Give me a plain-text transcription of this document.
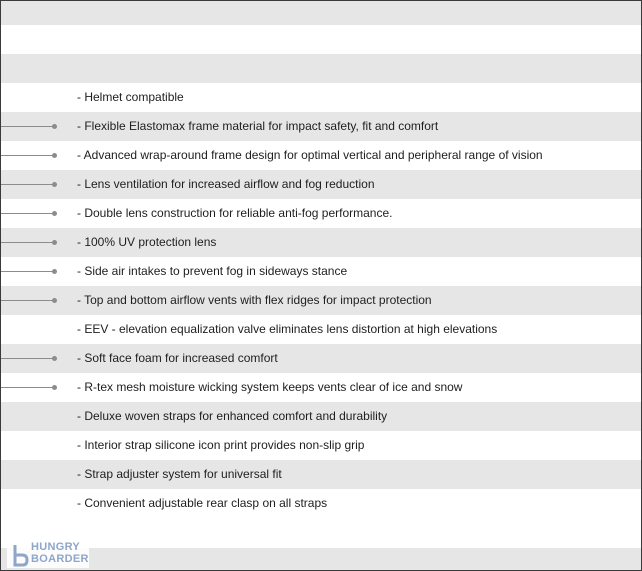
- Helmet compatible
- Flexible Elastomax frame material for impact safety, fit and comfort
- Advanced wrap-around frame design for optimal vertical and peripheral range of vision
- Lens ventilation for increased airflow and fog reduction
- Double lens construction for reliable anti-fog performance.
- 100% UV protection lens
- Side air intakes to prevent fog in sideways stance
- Top and bottom airflow vents with flex ridges for impact protection
- EEV - elevation equalization valve eliminates lens distortion at high elevations
- Soft face foam for increased comfort
- R-tex mesh moisture wicking system keeps vents clear of ice and snow
- Deluxe woven straps for enhanced comfort and durability
- Interior strap silicone icon print provides non-slip grip
- Strap adjuster system for universal fit
- Convenient adjustable rear clasp on all straps
HUNGRY
BOARDER
